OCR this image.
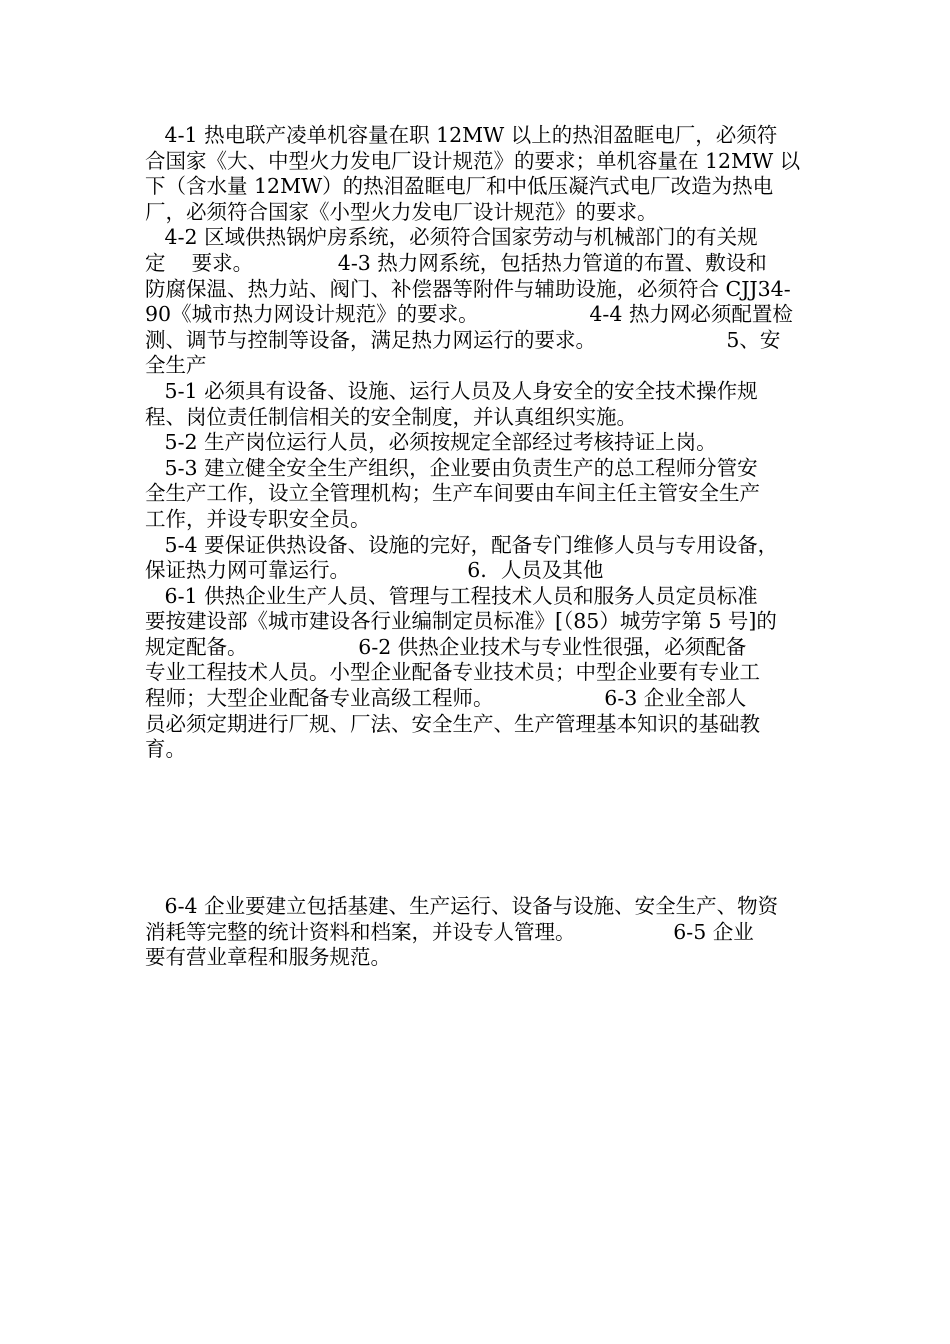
4-1 热电联产凌单机容量在职 12MW 以上的热泪盈眶电厂，必须符
合国家《大、中型火力发电厂设计规范》的要求；单机容量在 12MW 以
下（含水量 12MW）的热泪盈眶电厂和中低压凝汽式电厂改造为热电
厂，必须符合国家《小型火力发电厂设计规范》的要求。
4-2 区域供热锅炉房系统，必须符合国家劳动与机械部门的有关规
定    要求。             4-3 热力网系统，包括热力管道的布置、敷设和
防腐保温、热力站、阀门、补偿器等附件与辅助设施，必须符合 CJJ34-
90《城市热力网设计规范》的要求。                 4-4 热力网必须配置检
测、调节与控制等设备，满足热力网运行的要求。                    5、安
全生产
5-1 必须具有设备、设施、运行人员及人身安全的安全技术操作规
程、岗位责任制信相关的安全制度，并认真组织实施。
5-2 生产岗位运行人员，必须按规定全部经过考核持证上岗。
5-3 建立健全安全生产组织，企业要由负责生产的总工程师分管安
全生产工作，设立全管理机构；生产车间要由车间主任主管安全生产
工作，并设专职安全员。
5-4 要保证供热设备、设施的完好，配备专门维修人员与专用设备，
保证热力网可靠运行。                  6．人员及其他
6-1 供热企业生产人员、管理与工程技术人员和服务人员定员标准
要按建设部《城市建设各行业编制定员标准》[（85）城劳字第 5 号]的
规定配备。                 6-2 供热企业技术与专业性很强，必须配备
专业工程技术人员。小型企业配备专业技术员；中型企业要有专业工
程师；大型企业配备专业高级工程师。                 6-3 企业全部人
员必须定期进行厂规、厂法、安全生产、生产管理基本知识的基础教
育。
6-4 企业要建立包括基建、生产运行、设备与设施、安全生产、物资
消耗等完整的统计资料和档案，并设专人管理。               6-5 企业
要有营业章程和服务规范。
